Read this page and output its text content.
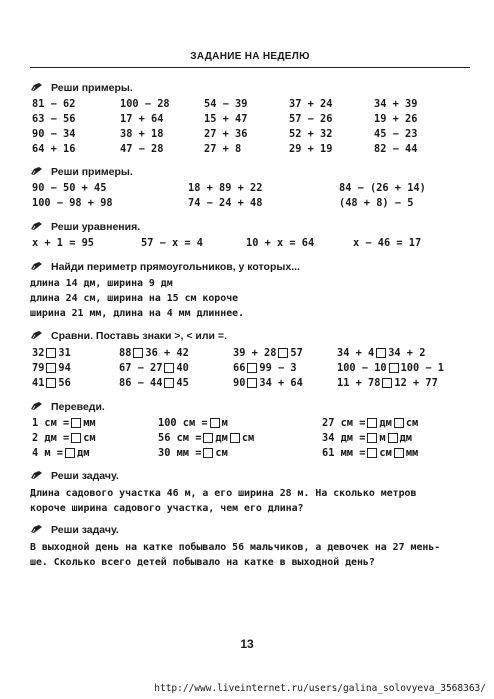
ЗАДАНИЕ НА НЕДЕЛЮ
Реши примеры.
81 − 62	100 − 28	54 − 39	37 + 24	34 + 39
63 − 56	17 + 64	15 + 47	57 − 26	19 + 26
90 − 34	38 + 18	27 + 36	52 + 32	45 − 23
64 + 16	47 − 28	27 + 8	29 + 19	82 − 44
Реши примеры.
90 − 50 + 45	18 + 89 + 22	84 − (26 + 14)
100 − 98 + 98	74 − 24 + 48	(48 + 8) − 5
Реши уравнения.
x + 1 = 95	57 − x = 4	10 + x = 64	x − 46 = 17
Найди периметр прямоугольников, у которых...
длина 14 дм, ширина 9 дм
длина 24 см, ширина на 15 см короче
ширина 21 мм, длина на 4 мм длиннее.
Сравни. Поставь знаки >, < или =.
32 31	88 36 + 42	39 + 28 57	34 + 4 34 + 2
79 94	67 − 27 40	66 99 − 3	100 − 10 100 − 1
41 56	86 − 44 45	90 34 + 64	11 + 78 12 + 77
Переведи.
1 см = мм	100 см = м	27 см = дм см
2 дм = см	56 см = дм см	34 дм = м дм
4 м = дм	30 мм = см	61 мм = см мм
Реши задачу.
Длина садового участка 46 м, а его ширина 28 м. На сколько метров
короче ширина садового участка, чем его длина?
Реши задачу.
В выходной день на катке побывало 56 мальчиков, а девочек на 27 мень-
ше. Сколько всего детей побывало на катке в выходной день?
13
http://www.liveinternet.ru/users/galina_solovyeva_3568363/
